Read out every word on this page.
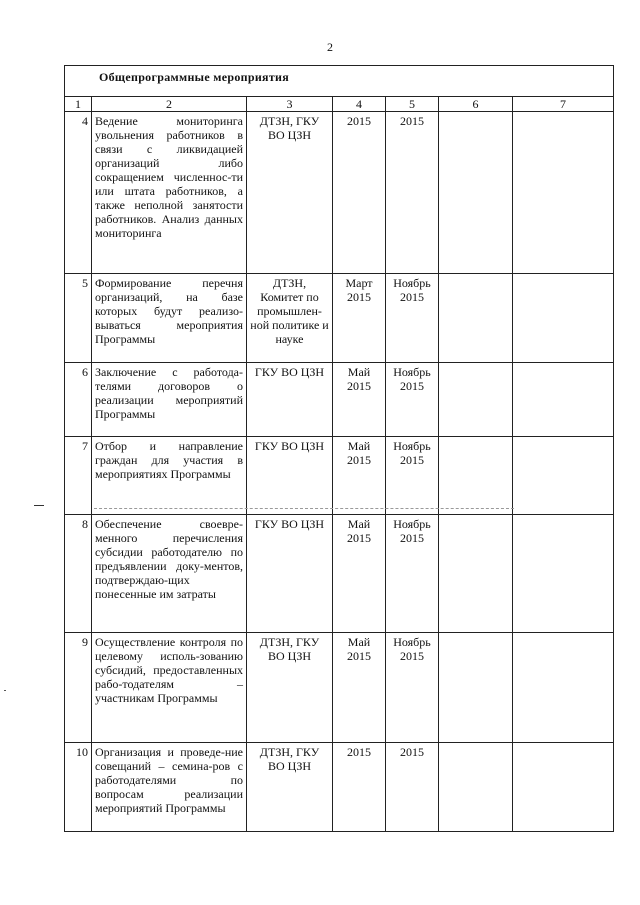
2
Общепрограммные мероприятия						
1	2	3	4	5	6	7
4	Ведение мониторинга увольнения работников в связи с ликвидацией организаций либо сокращением численнос-ти или штата работников, а также неполной занятости работников. Анализ данных мониторинга	ДТЗН, ГКУ ВО ЦЗН	2015	2015		
5	Формирование перечня организаций, на базе которых будут реализо-вываться мероприятия Программы	ДТЗН, Комитет по промышлен-ной политике и науке	Март 2015	Ноябрь 2015		
6	Заключение с работода-телями договоров о реализации мероприятий Программы	ГКУ ВО ЦЗН	Май 2015	Ноябрь 2015		
7	Отбор и направление граждан для участия в мероприятиях Программы	ГКУ ВО ЦЗН	Май 2015	Ноябрь 2015		
8	Обеспечение своевре-менного перечисления субсидии работодателю по предъявлении доку-ментов, подтверждаю-щих понесенные им затраты	ГКУ ВО ЦЗН	Май 2015	Ноябрь 2015		
9	Осуществление контроля по целевому исполь-зованию субсидий, предоставленных рабо-тодателям – участникам Программы	ДТЗН, ГКУ ВО ЦЗН	Май 2015	Ноябрь 2015		
10	Организация и проведе-ние совещаний – семина-ров с работодателями по вопросам реализации мероприятий Программы	ДТЗН, ГКУ ВО ЦЗН	2015	2015		
